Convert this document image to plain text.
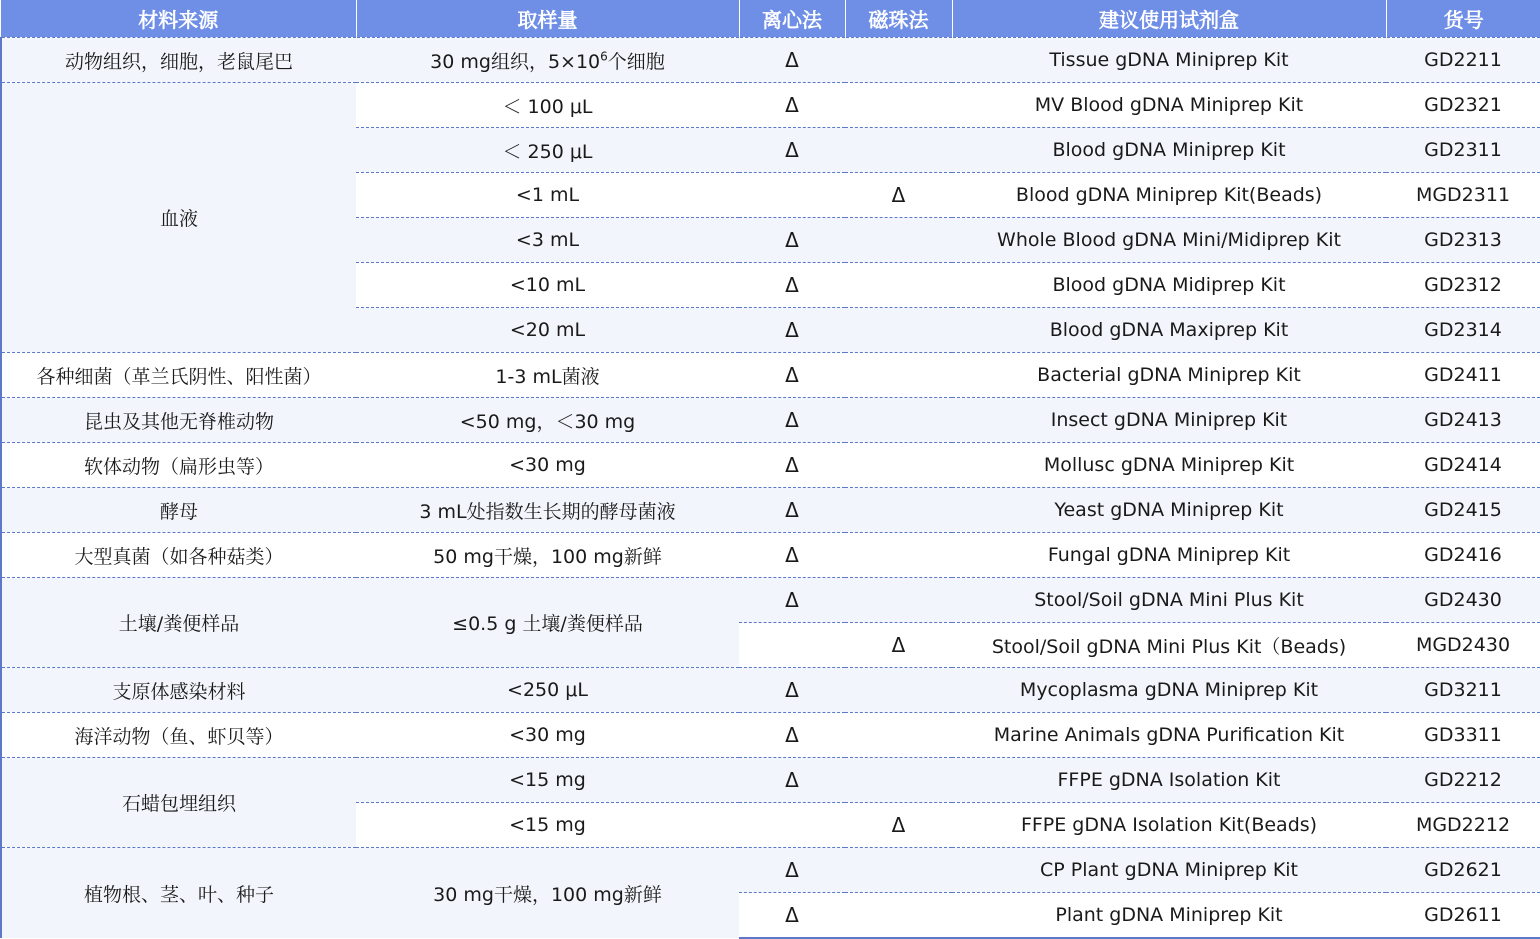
材料来源	取样量	离心法	磁珠法	建议使用试剂盒	货号
动物组织，细胞，老鼠尾巴	30 mg组织，$5\times 10^6$个细胞	Δ		Tissue gDNA Miniprep Kit	GD2211
血液	＜ 100 μL	Δ		MV Blood gDNA Miniprep Kit	GD2321
	＜ 250 μL	Δ		Blood gDNA Miniprep Kit	GD2311
	<1 mL		Δ	Blood gDNA Miniprep Kit(Beads)	MGD2311
	<3 mL	Δ		Whole Blood gDNA Mini/Midiprep Kit	GD2313
	<10 mL	Δ		Blood gDNA Midiprep Kit	GD2312
	<20 mL	Δ		Blood gDNA Maxiprep Kit	GD2314
各种细菌（革兰氏阴性、阳性菌）	1-3 mL菌液	Δ		Bacterial gDNA Miniprep Kit	GD2411
昆虫及其他无脊椎动物	<50 mg，＜30 mg	Δ		Insect gDNA Miniprep Kit	GD2413
软体动物（扁形虫等）	<30 mg	Δ		Mollusc gDNA Miniprep Kit	GD2414
酵母	3 mL处指数生长期的酵母菌液	Δ		Yeast gDNA Miniprep Kit	GD2415
大型真菌（如各种菇类）	50 mg干燥，100 mg新鲜	Δ		Fungal gDNA Miniprep Kit	GD2416
土壤/粪便样品	≤0.5 g 土壤/粪便样品	Δ		Stool/Soil gDNA Mini Plus Kit	GD2430
			Δ	Stool/Soil gDNA Mini Plus Kit（Beads)	MGD2430
支原体感染材料	<250 μL	Δ		Mycoplasma gDNA Miniprep Kit	GD3211
海洋动物（鱼、虾贝等）	<30 mg	Δ		Marine Animals gDNA Purification Kit	GD3311
石蜡包埋组织	<15 mg	Δ		FFPE gDNA Isolation Kit	GD2212
	<15 mg		Δ	FFPE gDNA Isolation Kit(Beads)	MGD2212
植物根、茎、叶、种子	30 mg干燥，100 mg新鲜	Δ		CP Plant gDNA Miniprep Kit	GD2621
		Δ		Plant gDNA Miniprep Kit	GD2611
